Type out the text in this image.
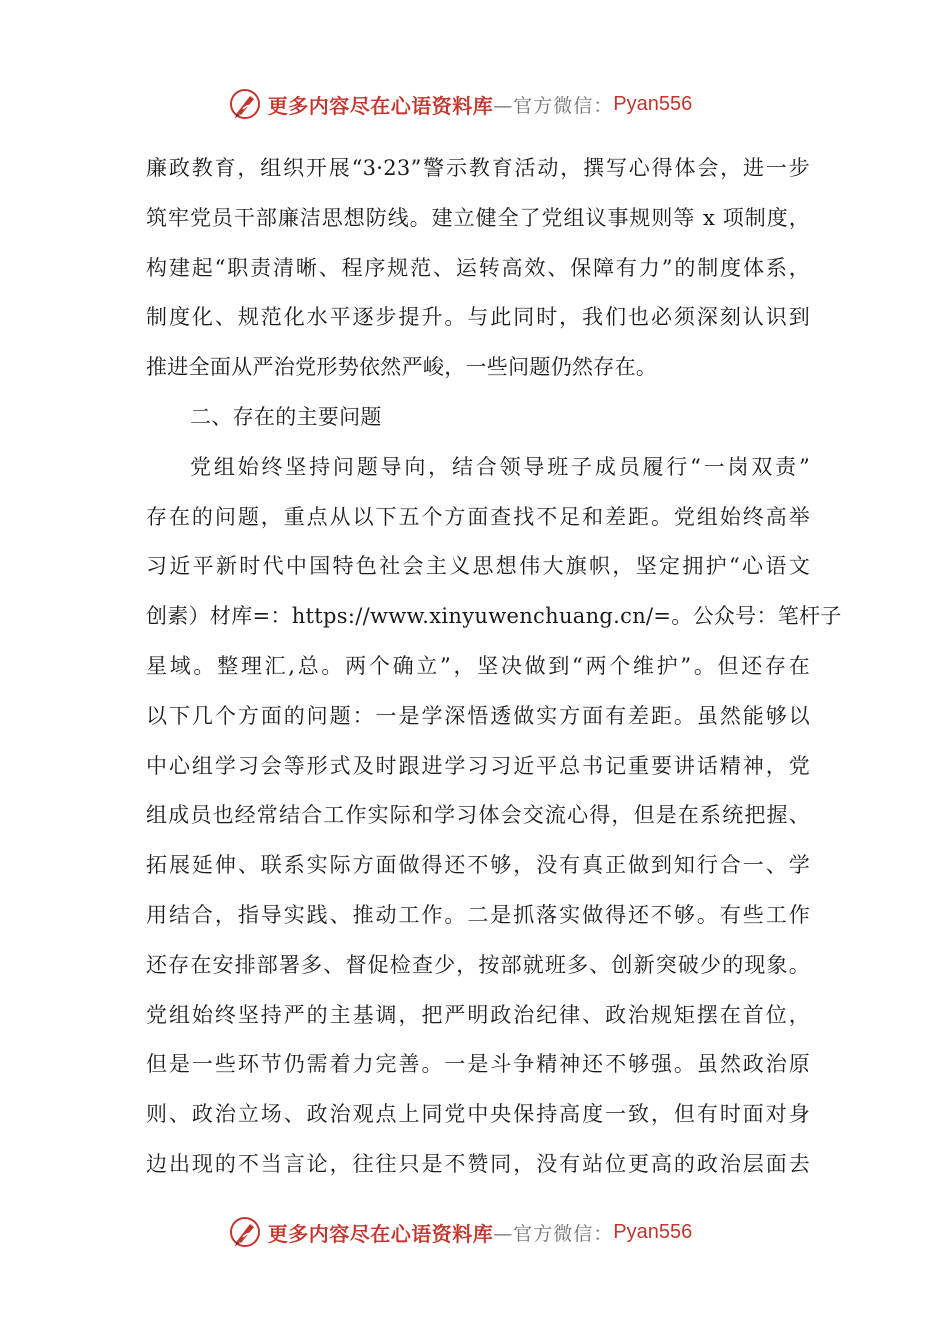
更多内容尽在心语资料库 —官方微信： Pyan556
廉政教育，组织开展“3·23”警示教育活动，撰写心得体会，进一步
筑牢党员干部廉洁思想防线。建立健全了党组议事规则等 x 项制度，
构建起“职责清晰、程序规范、运转高效、保障有力”的制度体系，
制度化、规范化水平逐步提升。与此同时，我们也必须深刻认识到
推进全面从严治党形势依然严峻，一些问题仍然存在。
二、存在的主要问题
党组始终坚持问题导向，结合领导班子成员履行“一岗双责”
存在的问题，重点从以下五个方面查找不足和差距。党组始终高举
习近平新时代中国特色社会主义思想伟大旗帜，坚定拥护“心语文
创素）材库=：https://www.xinyuwenchuang.cn/=。公众号：笔杆子
星域。整理汇,总。两个确立”，坚决做到“两个维护”。但还存在
以下几个方面的问题：一是学深悟透做实方面有差距。虽然能够以
中心组学习会等形式及时跟进学习习近平总书记重要讲话精神，党
组成员也经常结合工作实际和学习体会交流心得，但是在系统把握、
拓展延伸、联系实际方面做得还不够，没有真正做到知行合一、学
用结合，指导实践、推动工作。二是抓落实做得还不够。有些工作
还存在安排部署多、督促检查少，按部就班多、创新突破少的现象。
党组始终坚持严的主基调，把严明政治纪律、政治规矩摆在首位，
但是一些环节仍需着力完善。一是斗争精神还不够强。虽然政治原
则、政治立场、政治观点上同党中央保持高度一致，但有时面对身
边出现的不当言论，往往只是不赞同，没有站位更高的政治层面去
更多内容尽在心语资料库 —官方微信： Pyan556
